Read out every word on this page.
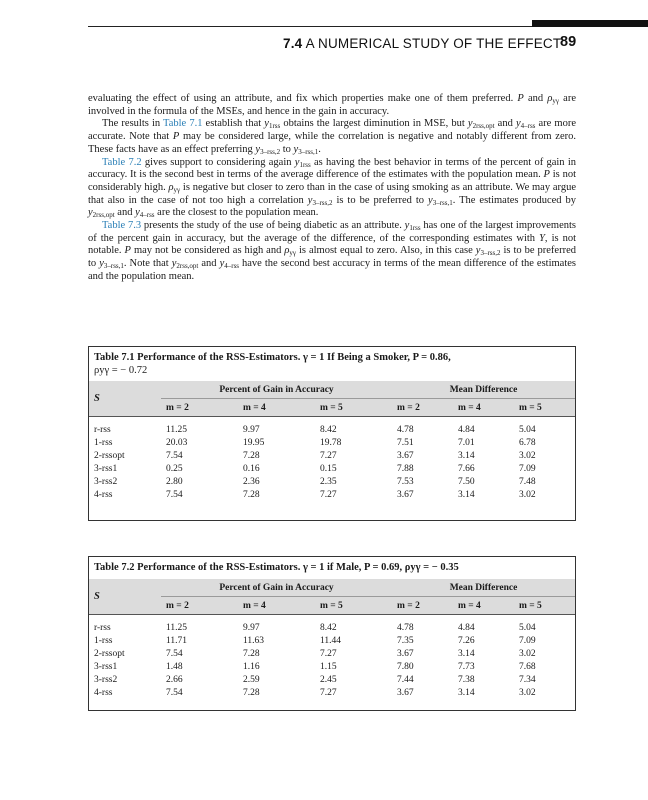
7.4 A NUMERICAL STUDY OF THE EFFECT
89

evaluating the effect of using an attribute, and fix which properties make one of them preferred. P and $\rho_{y\gamma}$ are involved in the formula of the MSEs, and hence in the gain in accuracy.

The results in Table 7.1 establish that $y_{1rss}$ obtains the largest diminution in MSE, but $y_{2rss,opt}$ and $y_{4-rss}$ are more accurate. Note that P may be considered large, while the correlation is negative and notably different from zero. These facts have as an effect preferring $y_{3-rss,2}$ to $y_{3-rss,1}$.

Table 7.2 gives support to considering again $y_{1rss}$ as having the best behavior in terms of the percent of gain in accuracy. It is the second best in terms of the average difference of the estimates with the population mean. P is not considerably high. $\rho_{y\gamma}$ is negative but closer to zero than in the case of using smoking as an attribute. We may argue that also in the case of not too high a correlation $y_{3-rss,2}$ is to be preferred to $y_{3-rss,1}$. The estimates produced by $y_{2rss,opt}$ and $y_{4-rss}$ are the closest to the population mean.

Table 7.3 presents the study of the use of being diabetic as an attribute. $y_{1rss}$ has one of the largest improvements of the percent gain in accuracy, but the average of the difference, of the corresponding estimates with Y, is not notable. P may not be considered as high and $\rho_{y\gamma}$ is almost equal to zero. Also, in this case $y_{3-rss,2}$ is to be preferred to $y_{3-rss,1}$. Note that $y_{2rss,opt}$ and $y_{4-rss}$ have the second best accuracy in terms of the mean difference of the estimates and the population mean.

Table 7.1 Performance of the RSS-Estimators. γ = 1 If Being a Smoker, P = 0.86,
ρyγ = − 0.72
S	Percent of Gain in Accuracy			Mean Difference		
	m = 2	m = 4	m = 5	m = 2	m = 4	m = 5

r-rss	11.25	9.97	8.42	4.78	4.84	5.04
1-rss	20.03	19.95	19.78	7.51	7.01	6.78
2-rssopt	7.54	7.28	7.27	3.67	3.14	3.02
3-rss1	0.25	0.16	0.15	7.88	7.66	7.09
3-rss2	2.80	2.36	2.35	7.53	7.50	7.48
4-rss	7.54	7.28	7.27	3.67	3.14	3.02
Table 7.2 Performance of the RSS-Estimators. γ = 1 if Male, P = 0.69, ρyγ = − 0.35
S	Percent of Gain in Accuracy			Mean Difference		
	m = 2	m = 4	m = 5	m = 2	m = 4	m = 5

r-rss	11.25	9.97	8.42	4.78	4.84	5.04
1-rss	11.71	11.63	11.44	7.35	7.26	7.09
2-rssopt	7.54	7.28	7.27	3.67	3.14	3.02
3-rss1	1.48	1.16	1.15	7.80	7.73	7.68
3-rss2	2.66	2.59	2.45	7.44	7.38	7.34
4-rss	7.54	7.28	7.27	3.67	3.14	3.02
